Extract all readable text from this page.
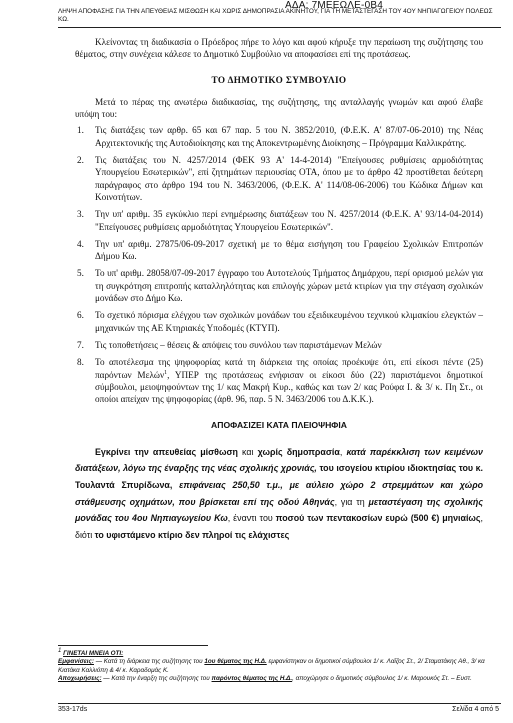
ΑΔΑ: 7ΜΕΕΩΛΕ-0Β4
ΛΗΨΗ ΑΠΟΦΑΣΗΣ ΓΙΑ ΤΗΝ ΑΠΕΥΘΕΙΑΣ ΜΙΣΘΩΣΗ ΚΑΙ ΧΩΡΙΣ ΔΗΜΟΠΡΑΣΙΑ ΑΚΙΝΗΤΟΥ, ΓΙΑ ΤΗ ΜΕΤΑΣΤΕΓΑΣΗ ΤΟΥ 4ΟΥ ΝΗΠΙΑΓΩΓΕΙΟΥ ΠΟΛΕΩΣ ΚΩ.

Κλείνοντας τη διαδικασία ο Πρόεδρος πήρε το λόγο και αφού κήρυξε την περαίωση της συζήτησης του θέματος, στην συνέχεια κάλεσε το Δημοτικό Συμβούλιο να αποφασίσει επί της προτάσεως.

ΤΟ ΔΗΜΟΤΙΚΟ ΣΥΜΒΟΥΛΙΟ

Μετά το πέρας της ανωτέρω διαδικασίας, της συζήτησης, της ανταλλαγής γνωμών και αφού έλαβε υπόψη του:

1. Τις διατάξεις των αρθρ. 65 και 67 παρ. 5 του Ν. 3852/2010, (Φ.Ε.Κ. Α' 87/07-06-2010) της Νέας Αρχιτεκτονικής της Αυτοδιοίκησης και της Αποκεντρωμένης Διοίκησης – Πρόγραμμα Καλλικράτης.
2. Τις διατάξεις του Ν. 4257/2014 (ΦΕΚ 93 Α' 14-4-2014) "Επείγουσες ρυθμίσεις αρμοδιότητας Υπουργείου Εσωτερικών", επί ζητημάτων περιουσίας ΟΤΑ, όπου με το άρθρο 42 προστίθεται δεύτερη παράγραφος στο άρθρο 194 του Ν. 3463/2006, (Φ.Ε.Κ. Α' 114/08-06-2006) του Κώδικα Δήμων και Κοινοτήτων.
3. Την υπ' αριθμ. 35 εγκύκλιο περί ενημέρωσης διατάξεων του Ν. 4257/2014 (Φ.Ε.Κ. Α' 93/14-04-2014) "Επείγουσες ρυθμίσεις αρμοδιότητας Υπουργείου Εσωτερικών".
4. Την υπ' αριθμ. 27875/06-09-2017 σχετική με το θέμα εισήγηση του Γραφείου Σχολικών Επιτροπών Δήμου Κω.
5. Το υπ' αριθμ. 28058/07-09-2017 έγγραφο του Αυτοτελούς Τμήματος Δημάρχου, περί ορισμού μελών για τη συγκρότηση επιτροπής καταλληλότητας και επιλογής χώρων μετά κτιρίων για την στέγαση σχολικών μονάδων στο Δήμο Κω.
6. Το σχετικό πόρισμα ελέγχου των σχολικών μονάδων του εξειδικευμένου τεχνικού κλιμακίου ελεγκτών – μηχανικών της ΑΕ Κτηριακές Υποδομές (ΚΤΥΠ).
7. Τις τοποθετήσεις – θέσεις & απόψεις του συνόλου των παριστάμενων Μελών
8. Το αποτέλεσμα της ψηφοφορίας κατά τη διάρκεια της οποίας προέκυψε ότι, επί είκοσι πέντε (25) παρόντων Μελών$^1$, ΥΠΕΡ της προτάσεως ενήφισαν οι είκοσι δύο (22) παριστάμενοι δημοτικοί σύμβουλοι, μειοψηφούντων της 1/ κας Μακρή Κυρ., καθώς και των 2/ κας Ρούφα Ι. & 3/ κ. Πη Στ., οι οποίοι απείχαν της ψηφοφορίας (άρθ. 96, παρ. 5 Ν. 3463/2006 του Δ.Κ.Κ.).

ΑΠΟΦΑΣΙΖΕΙ ΚΑΤΑ ΠΛΕΙΟΨΗΦΙΑ

Εγκρίνει την απευθείας μίσθωση και χωρίς δημοπρασία, κατά παρέκκλιση των κειμένων διατάξεων, λόγω της έναρξης της νέας σχολικής χρονιάς, του ισογείου κτιρίου ιδιοκτησίας του κ. Τουλαντά Σπυρίδωνα, επιφάνειας 250,50 τ.μ., με αύλειο χώρο 2 στρεμμάτων και χώρο στάθμευσης οχημάτων, που βρίσκεται επί της οδού Αθηνάς, για τη μεταστέγαση της σχολικής μονάδας του 4ου Νηπιαγωγείου Κω, έναντι του ποσού των πεντακοσίων ευρώ (500 €) μηνιαίως, διότι το υφιστάμενο κτίριο δεν πληροί τις ελάχιστες

$^1$ ΓΙΝΕΤΑΙ ΜΝΕΙΑ ΟΤΙ:
Εμφανίσεις: — Κατά τη διάρκεια της συζήτησης του 1ου θέματος της Η.Δ. εμφανίστηκαν οι δημοτικοί σύμβουλοι 1/ κ. Λαΐζος Στ., 2/ Σταματάκης Αθ., 3/ κα Κιατάκα Καλλιόπη & 4/ κ. Καραδομάς Κ.
Αποχωρήσεις: — Κατά την έναρξη της συζήτησης του παρόντος θέματος της Η.Δ., αποχώρησε ο δημοτικός σύμβουλος 1/ κ. Μαρουκός Στ. – Ευστ.
353-17ds	Σελίδα 4 από 5
